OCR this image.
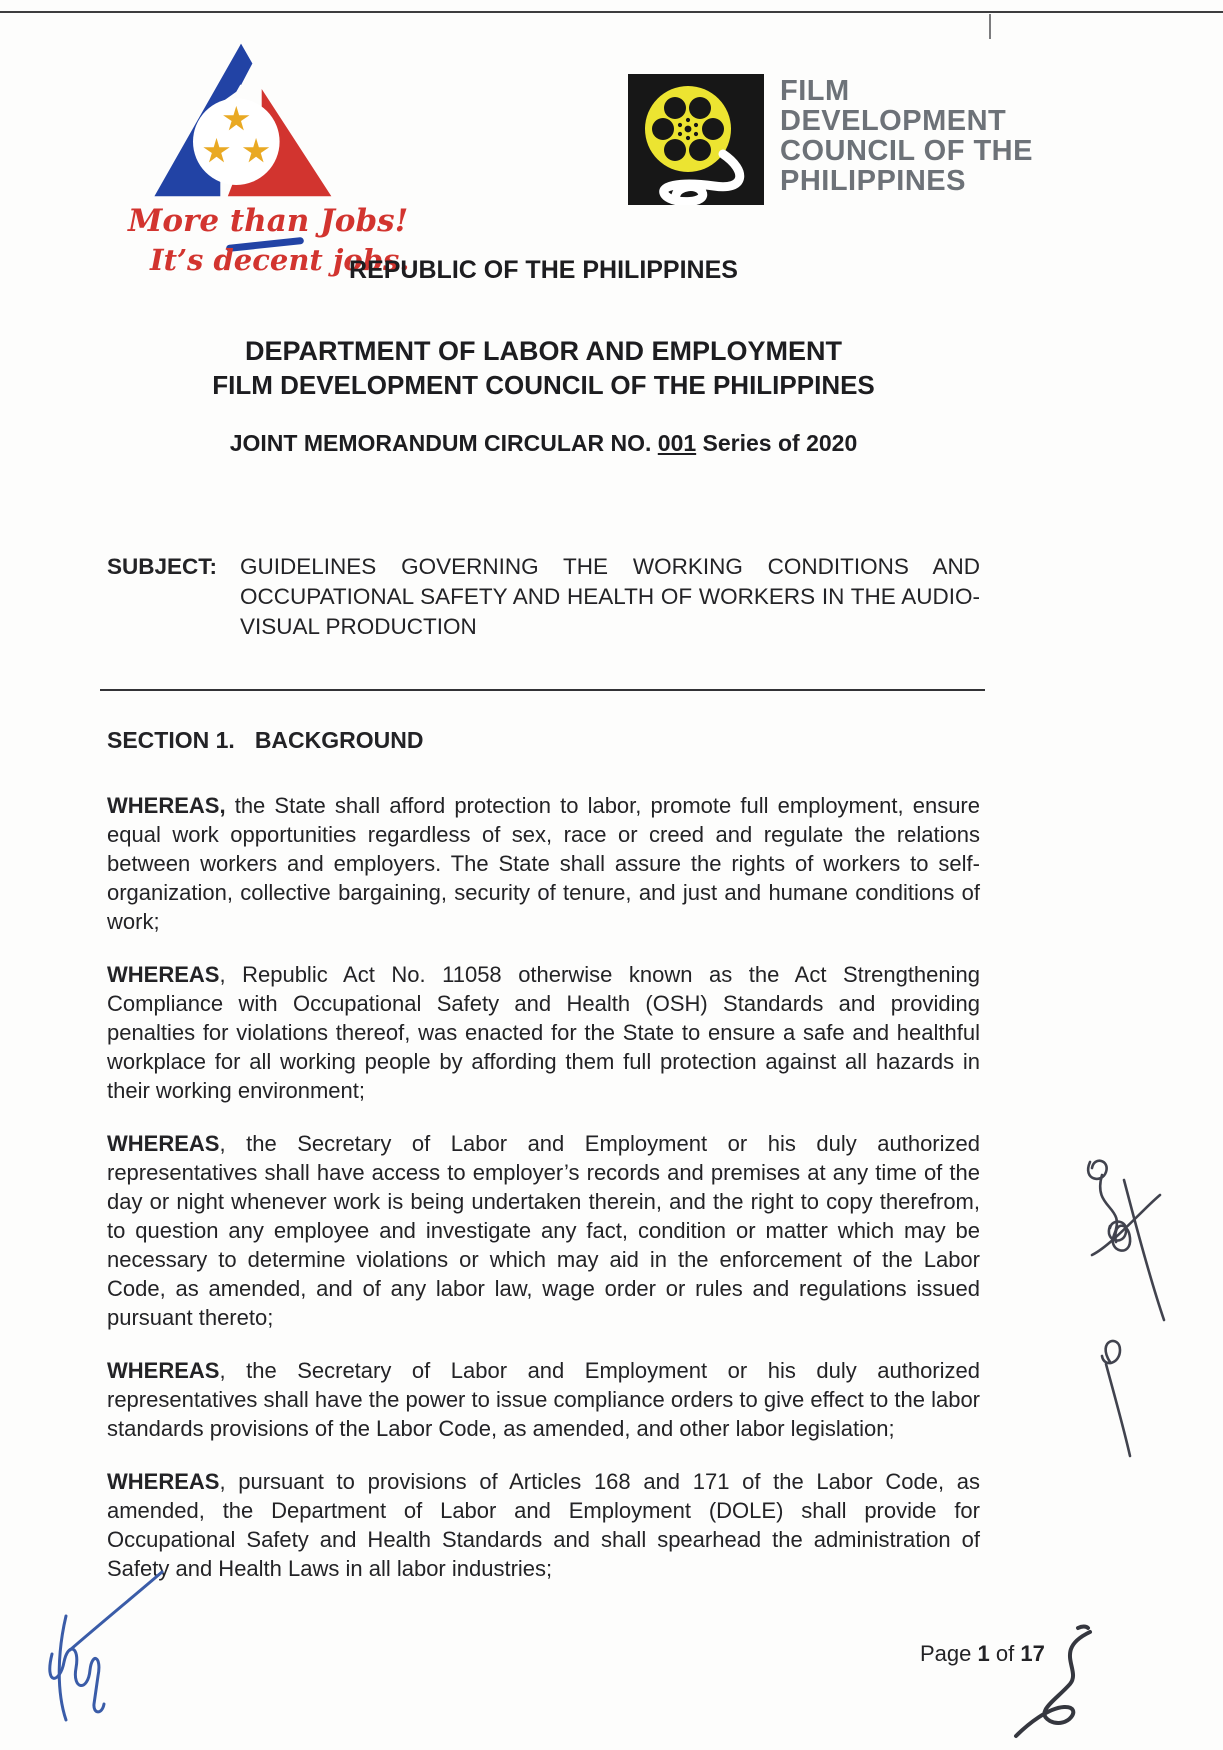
More than
Jobs!
It’s decent jobs.
FILM
DEVELOPMENT
COUNCIL OF THE
PHILIPPINES
REPUBLIC OF THE PHILIPPINES
DEPARTMENT OF LABOR AND EMPLOYMENT
FILM DEVELOPMENT COUNCIL OF THE PHILIPPINES
JOINT MEMORANDUM CIRCULAR NO. 001 Series of 2020
SUBJECT: GUIDELINES GOVERNING THE WORKING CONDITIONS AND OCCUPATIONAL SAFETY AND HEALTH OF WORKERS IN THE AUDIO-VISUAL PRODUCTION
SECTION 1. BACKGROUND

WHEREAS, the State shall afford protection to labor, promote full employment, ensure equal work opportunities regardless of sex, race or creed and regulate the relations between workers and employers. The State shall assure the rights of workers to self-organization, collective bargaining, security of tenure, and just and humane conditions of work;

WHEREAS, Republic Act No. 11058 otherwise known as the Act Strengthening Compliance with Occupational Safety and Health (OSH) Standards and providing penalties for violations thereof, was enacted for the State to ensure a safe and healthful workplace for all working people by affording them full protection against all hazards in their working environment;

WHEREAS, the Secretary of Labor and Employment or his duly authorized representatives shall have access to employer’s records and premises at any time of the day or night whenever work is being undertaken therein, and the right to copy therefrom, to question any employee and investigate any fact, condition or matter which may be necessary to determine violations or which may aid in the enforcement of the Labor Code, as amended, and of any labor law, wage order or rules and regulations issued pursuant thereto;

WHEREAS, the Secretary of Labor and Employment or his duly authorized representatives shall have the power to issue compliance orders to give effect to the labor standards provisions of the Labor Code, as amended, and other labor legislation;

WHEREAS, pursuant to provisions of Articles 168 and 171 of the Labor Code, as amended, the Department of Labor and Employment (DOLE) shall provide for Occupational Safety and Health Standards and shall spearhead the administration of Safety and Health Laws in all labor industries;

Page 1 of 17
